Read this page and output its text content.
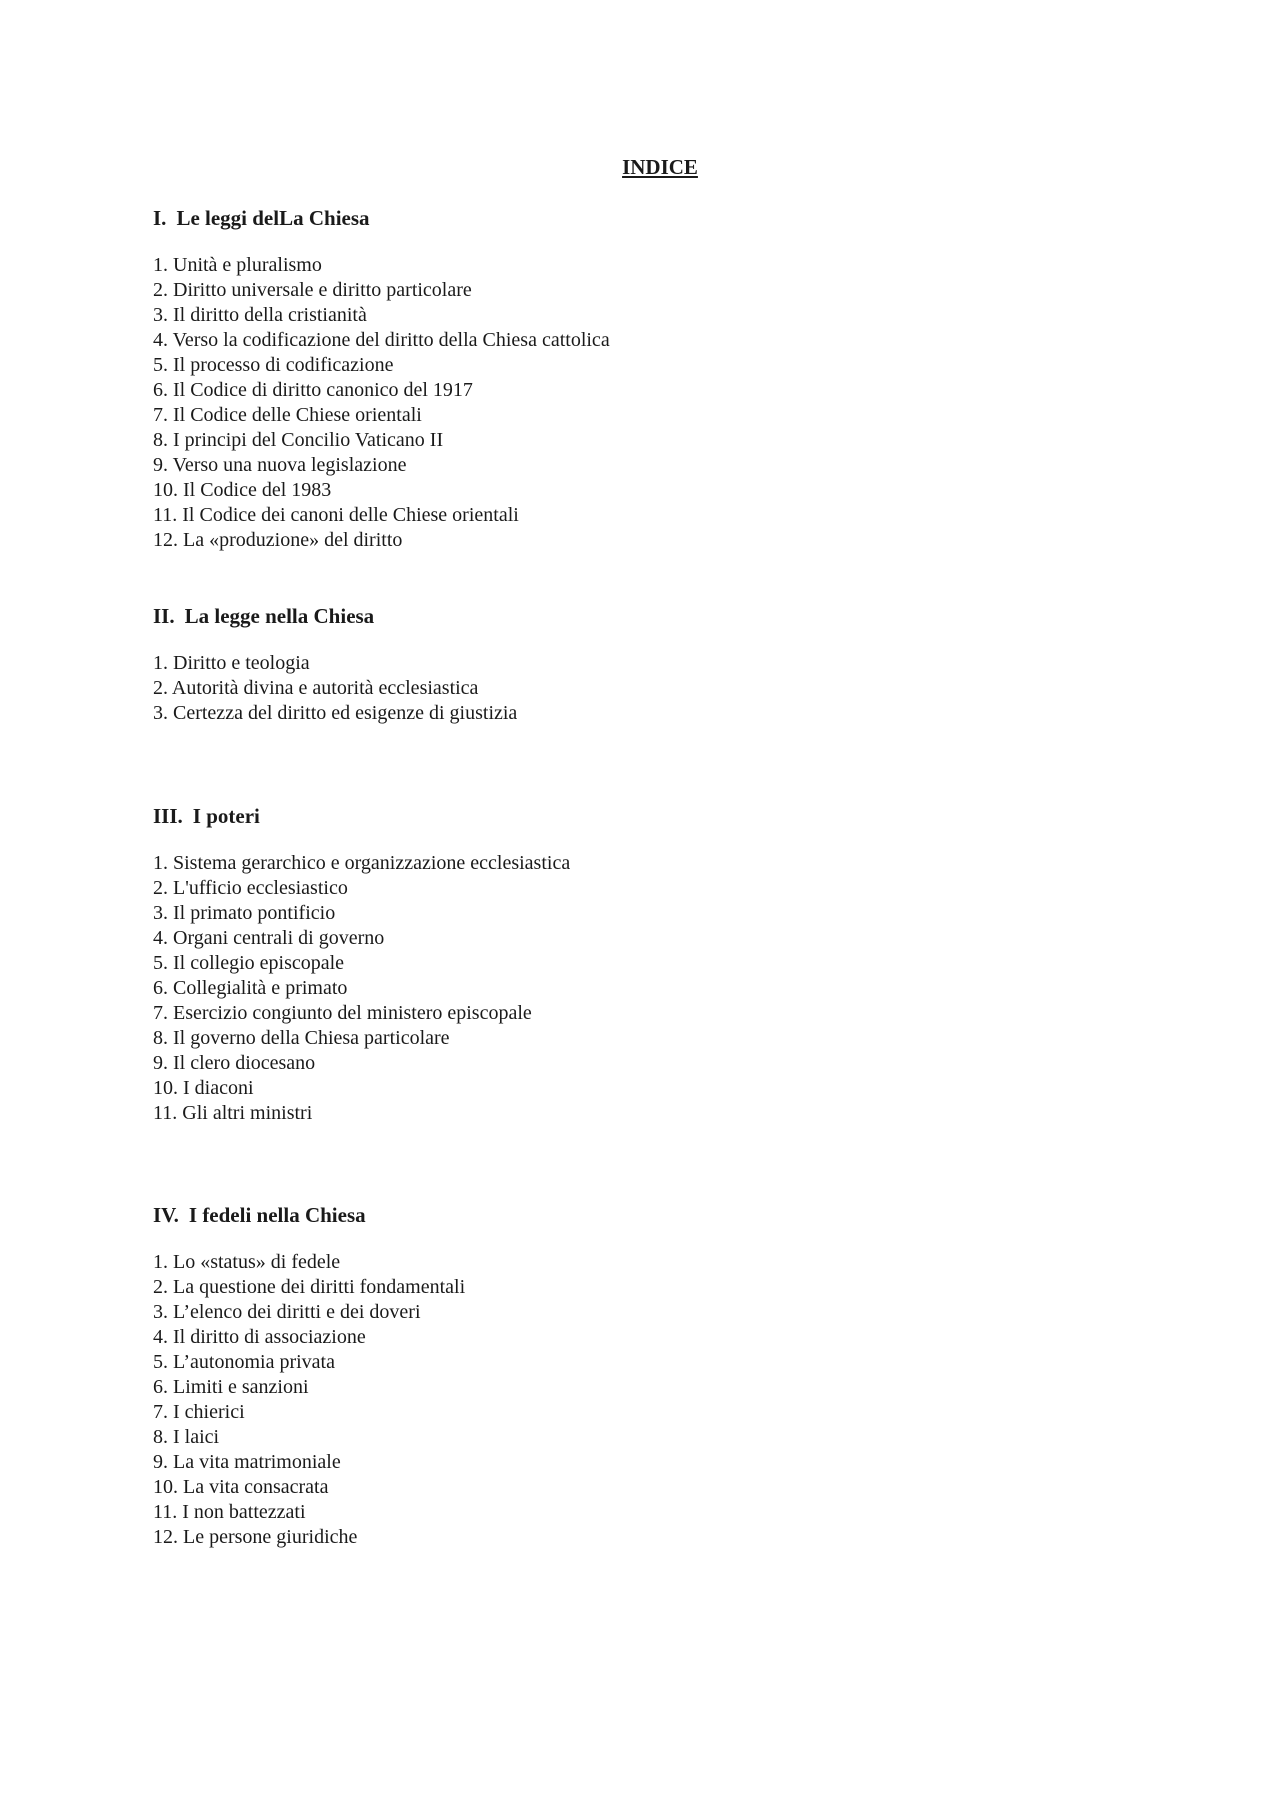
INDICE
I. Le leggi delLa Chiesa
1. Unità e pluralismo
2. Diritto universale e diritto particolare
3. Il diritto della cristianità
4. Verso la codificazione del diritto della Chiesa cattolica
5. Il processo di codificazione
6. Il Codice di diritto canonico del 1917
7. Il Codice delle Chiese orientali
8. I principi del Concilio Vaticano II
9. Verso una nuova legislazione
10. Il Codice del 1983
11. Il Codice dei canoni delle Chiese orientali
12. La «produzione» del diritto
II. La legge nella Chiesa
1. Diritto e teologia
2. Autorità divina e autorità ecclesiastica
3. Certezza del diritto ed esigenze di giustizia
III. I poteri
1. Sistema gerarchico e organizzazione ecclesiastica
2. L'ufficio ecclesiastico
3. Il primato pontificio
4. Organi centrali di governo
5. Il collegio episcopale
6. Collegialità e primato
7. Esercizio congiunto del ministero episcopale
8. Il governo della Chiesa particolare
9. Il clero diocesano
10. I diaconi
11. Gli altri ministri
IV. I fedeli nella Chiesa
1. Lo «status» di fedele
2. La questione dei diritti fondamentali
3. L’elenco dei diritti e dei doveri
4. Il diritto di associazione
5. L’autonomia privata
6. Limiti e sanzioni
7. I chierici
8. I laici
9. La vita matrimoniale
10. La vita consacrata
11. I non battezzati
12. Le persone giuridiche
